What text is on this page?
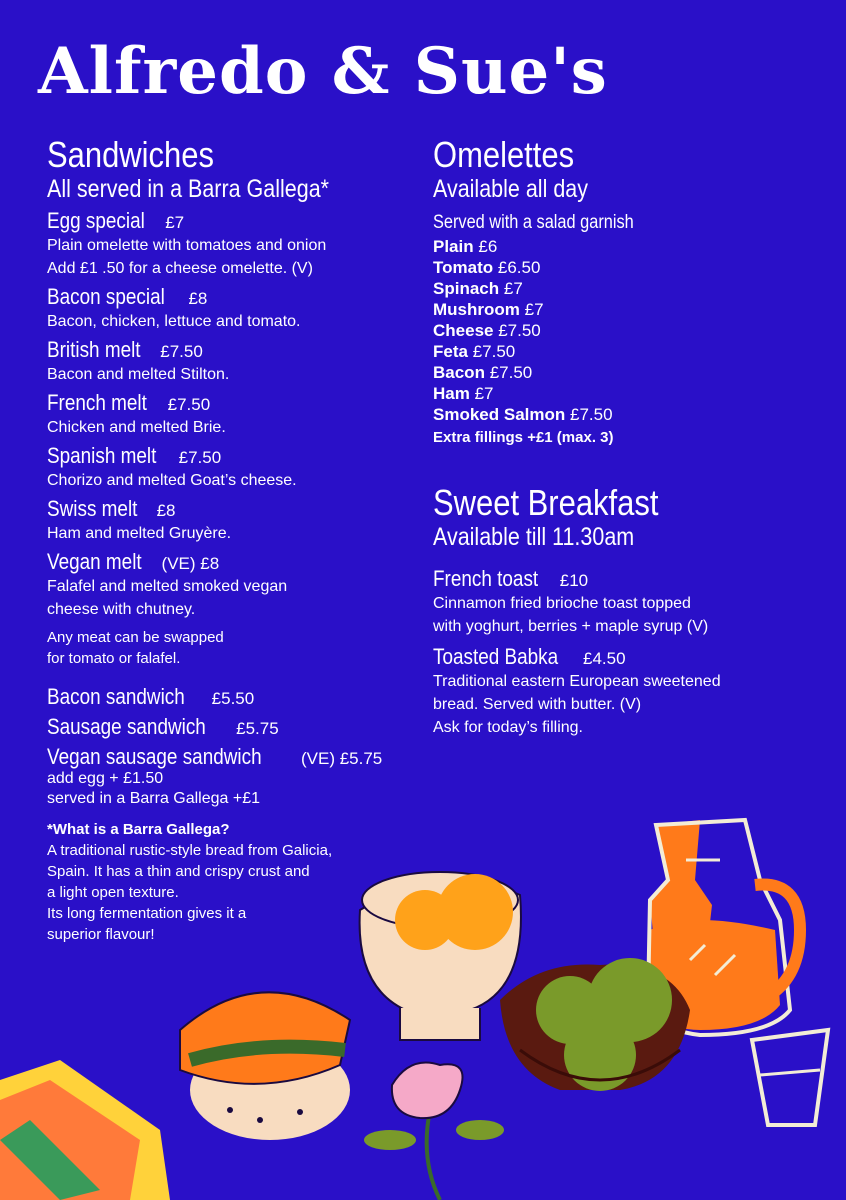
Alfredo & Sue's
Sandwiches
All served in a Barra Gallega*
Egg special £7
Plain omelette with tomatoes and onion
Add £1 .50 for a cheese omelette. (V)
Bacon special £8
Bacon, chicken, lettuce and tomato.
British melt £7.50
Bacon and melted Stilton.
French melt £7.50
Chicken and melted Brie.
Spanish melt £7.50
Chorizo and melted Goat’s cheese.
Swiss melt £8
Ham and melted Gruyère.
Vegan melt (VE) £8
Falafel and melted smoked vegan
cheese with chutney.
Any meat can be swapped
for tomato or falafel.
Bacon sandwich £5.50
Sausage sandwich £5.75
Vegan sausage sandwich (VE) £5.75
add egg + £1.50
served in a Barra Gallega +£1
*What is a Barra Gallega?
A traditional rustic-style bread from Galicia,
Spain. It has a thin and crispy crust and
a light open texture.
Its long fermentation gives it a
superior flavour!
Omelettes
Available all day
Served with a salad garnish
Plain £6
Tomato £6.50
Spinach £7
Mushroom £7
Cheese £7.50
Feta £7.50
Bacon £7.50
Ham £7
Smoked Salmon £7.50
Extra fillings +£1 (max. 3)
Sweet Breakfast
Available till 11.30am
French toast £10
Cinnamon fried brioche toast topped
with yoghurt, berries + maple syrup (V)
Toasted Babka £4.50
Traditional eastern European sweetened
bread. Served with butter. (V)
Ask for today’s filling.
